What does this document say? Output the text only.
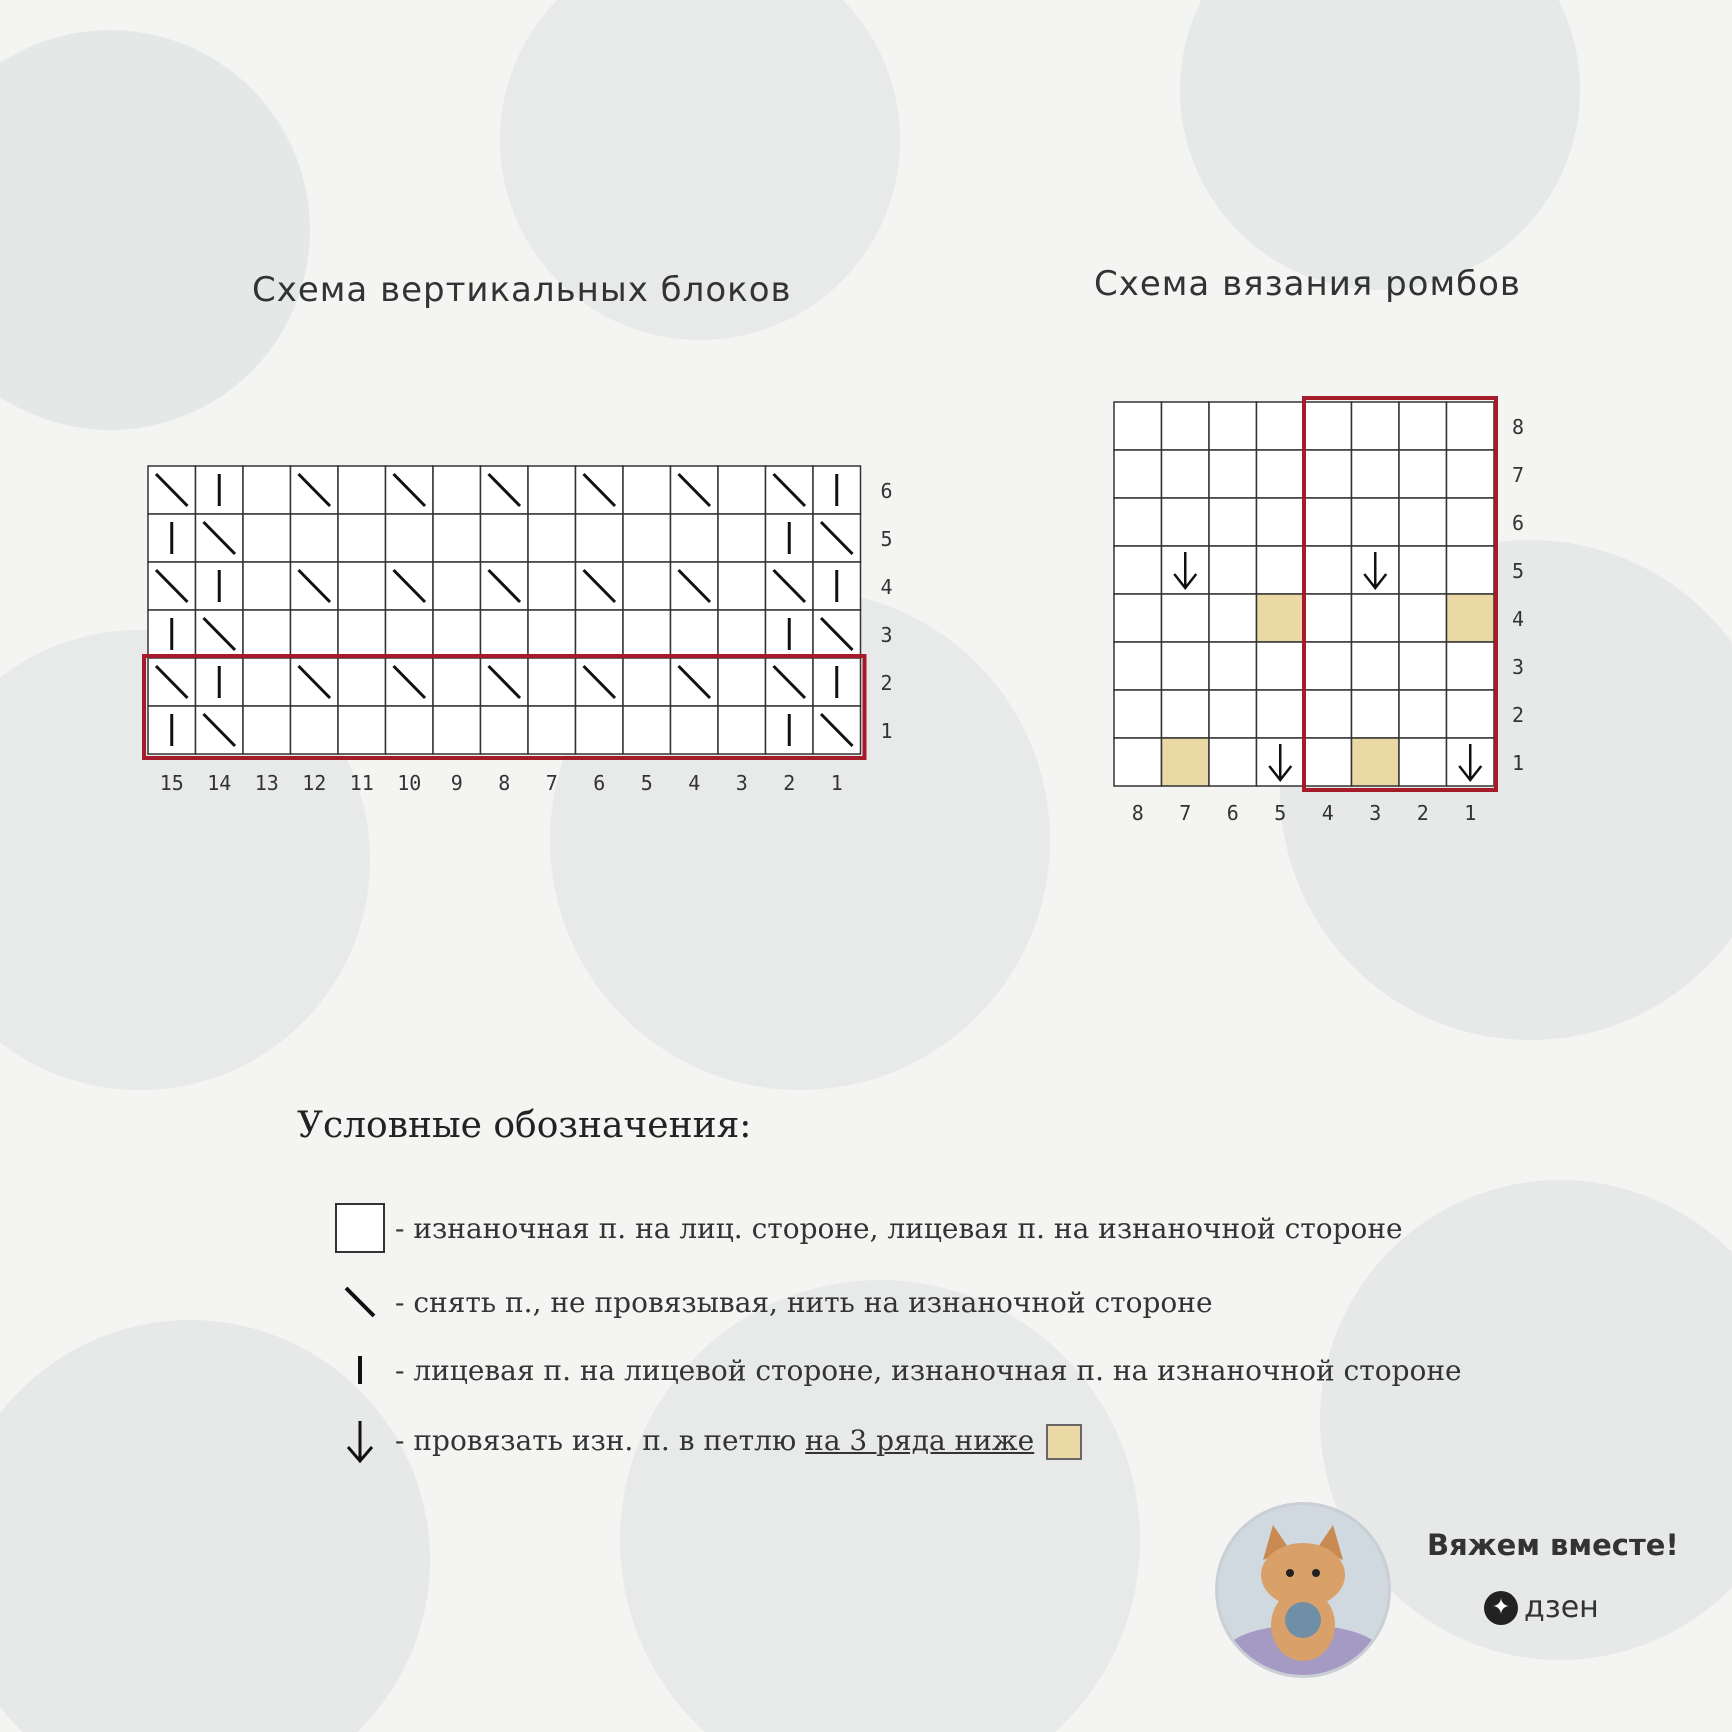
Схема вертикальных блоков	Схема вязания ромбов
6
5
4
3
2
1
15 14 13 12 11 10 9 8 7 6 5 4 3 2 1
8
7
6
5
4
3
2
1
8 7 6 5 4 3 2 1
Условные обозначения:
- изнаночная п. на лиц. стороне, лицевая п. на изнаночной стороне
- снять п., не провязывая, нить на изнаночной стороне
- лицевая п. на лицевой стороне, изнаночная п. на изнаночной стороне
- провязать изн. п. в петлю на 3 ряда ниже
Вяжем вместе!
✦ дзен
